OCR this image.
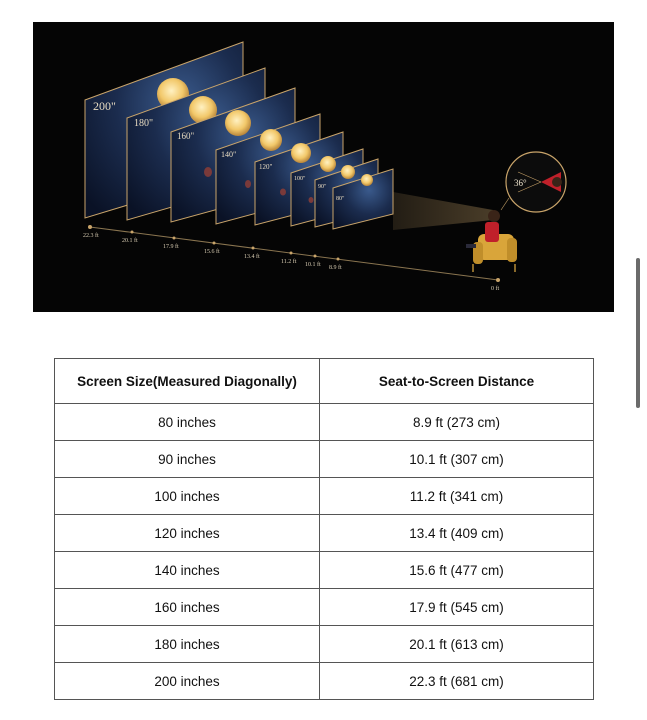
200"
180"
160"
140"
120"
100"
90"
80"
22.3 ft
20.1 ft
17.9 ft
15.6 ft
13.4 ft
11.2 ft 10.1 ft 8.9 ft
0 ft
36°
Screen Size(Measured Diagonally)	Seat-to-Screen Distance
80 inches	8.9 ft (273 cm)
90 inches	10.1 ft (307 cm)
100 inches	11.2 ft (341 cm)
120 inches	13.4 ft (409 cm)
140 inches	15.6 ft (477 cm)
160 inches	17.9 ft (545 cm)
180 inches	20.1 ft (613 cm)
200 inches	22.3 ft (681 cm)
